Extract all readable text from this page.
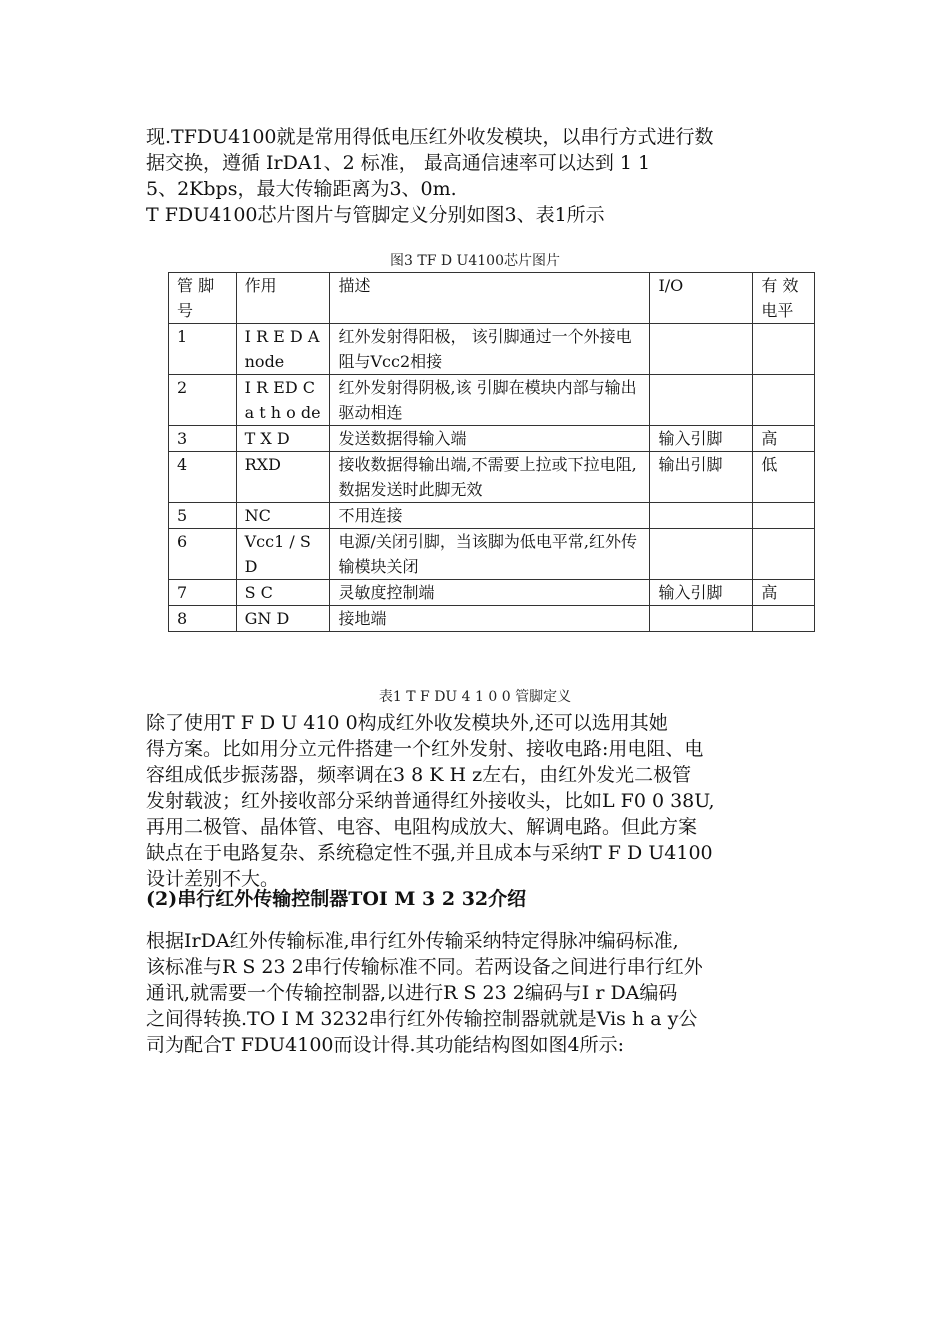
现.TFDU4100就是常用得低电压红外收发模块，以串行方式进行数
据交换，遵循 IrDA1、2 标准， 最高通信速率可以达到 1 1
5、2Kbps，最大传输距离为3、0m.
T FDU4100芯片图片与管脚定义分别如图3、表1所示

图3 TF D U4100芯片图片
管 脚 号	作用	描述	I/O	有 效 电平
1	I R E D A node	红外发射得阳极， 该引脚通过一个外接电阻与Vcc2相接		
2	I R ED C a t h o de	红外发射得阴极,该 引脚在模块内部与输出驱动相连		
3	T X D	发送数据得输入端	输入引脚	高
4	RXD	接收数据得输出端,不需要上拉或下拉电阻,数据发送时此脚无效	输出引脚	低
5	NC	不用连接		
6	Vcc1 / S D	电源/关闭引脚，当该脚为低电平常,红外传输模块关闭		
7	S C	灵敏度控制端	输入引脚	高
8	GN D	接地端		
表1 T F DU 4 1 0 0 管脚定义

除了使用T F D U 410 0构成红外收发模块外,还可以选用其她
得方案。比如用分立元件搭建一个红外发射、接收电路:用电阻、电
容组成低步振荡器，频率调在3 8 K H z左右，由红外发光二极管
发射载波；红外接收部分采纳普通得红外接收头，比如L F0 0 38U,
再用二极管、晶体管、电容、电阻构成放大、解调电路。但此方案
缺点在于电路复杂、系统稳定性不强,并且成本与采纳T F D U4100
设计差别不大。

(2)串行红外传输控制器TOI M 3 2 32介绍

根据IrDA红外传输标准,串行红外传输采纳特定得脉冲编码标准,
该标准与R S 23 2串行传输标准不同。若两设备之间进行串行红外
通讯,就需要一个传输控制器,以进行R S 23 2编码与I r DA编码
之间得转换.TO I M 3232串行红外传输控制器就就是Vis h a y公
司为配合T FDU4100而设计得.其功能结构图如图4所示:
